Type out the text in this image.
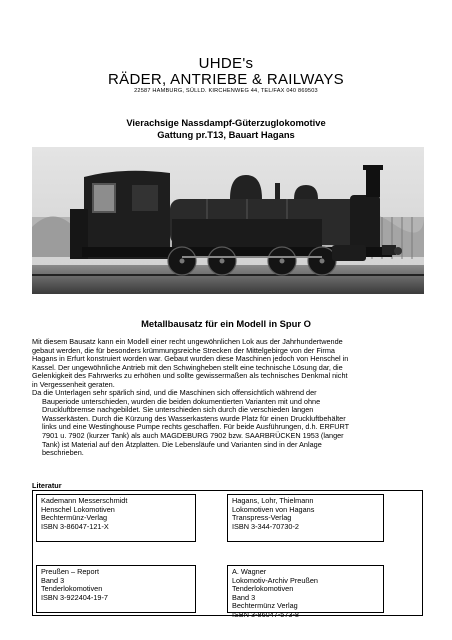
UHDE's
RÄDER, ANTRIEBE & RAILWAYS
22587 HAMBURG, SÜLLD. KIRCHENWEG 44, TEL/FAX 040 869503
Vierachsige Nassdampf-Güterzuglokomotive
Gattung pr.T13, Bauart Hagans
Metallbausatz für ein Modell in Spur O

Mit diesem Bausatz kann ein Modell einer recht ungewöhnlichen Lok aus der Jahrhundertwende
gebaut werden, die für besonders krümmungsreiche Strecken der Mittelgebirge von der Firma
Hagans in Erfurt konstruiert worden war. Gebaut wurden diese Maschinen jedoch von Henschel in
Kassel. Der ungewöhnliche Antrieb mit den Schwingheben stellt eine technische Lösung dar, die
Gelenkigkeit des Fahrwerks zu erhöhen und sollte gewissermaßen als technisches Denkmal nicht
in Vergessenheit geraten.
Da die Unterlagen sehr spärlich sind, und die Maschinen sich offensichtlich während der
Bauperiode unterschieden, wurden die beiden dokumentierten Varianten mit und ohne
Druckluftbremse nachgebildet. Sie unterschieden sich durch die verschieden langen
Wasserkästen. Durch die Kürzung des Wasserkastens wurde Platz für einen Druckluftbehälter
links und eine Westinghouse Pumpe rechts geschaffen. Für beide Ausführungen, d.h. ERFURT
7901 u. 7902 (kurzer Tank) als auch MAGDEBURG 7902 bzw. SAARBRÜCKEN 1953 (langer
Tank) ist Material auf den Ätzplatten. Die Lebensläufe und Varianten sind in der Anlage
beschrieben.

Literatur
Kademann Messerschmidt
Henschel Lokomotiven
Bechtermünz-Verlag
ISBN 3-86047-121-X
Hagans, Lohr, Thielmann
Lokomotiven von Hagans
Transpress-Verlag
ISBN 3-344-70730-2
Preußen – Report
Band 3
Tenderlokomotiven
ISBN 3-922404-19-7
A. Wagner
Lokomotiv-Archiv Preußen
Tenderlokomotiven
Band 3
Bechtermünz Verlag
ISBN 3-86047-573-8
